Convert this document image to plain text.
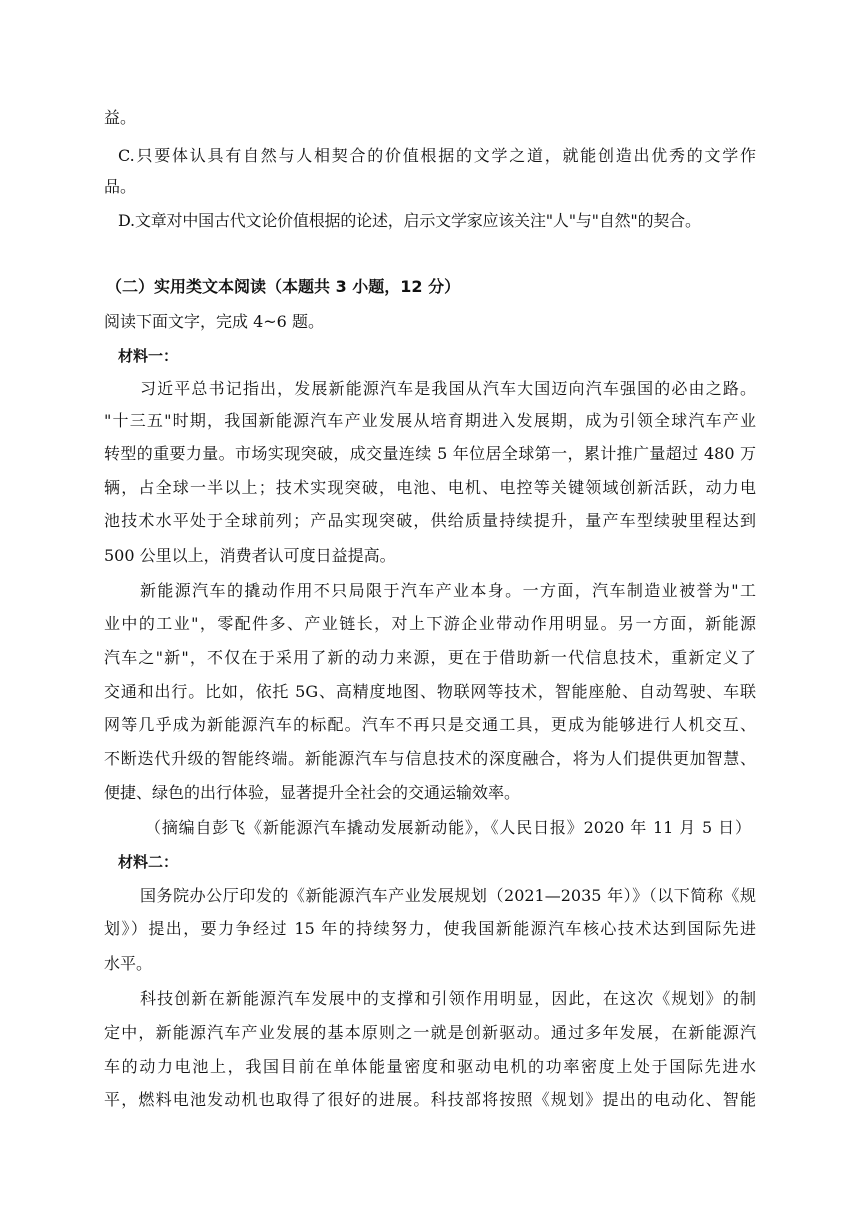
益。
C.只要体认具有自然与人相契合的价值根据的文学之道，就能创造出优秀的文学作
品。
D.文章对中国古代文论价值根据的论述，启示文学家应该关注"人"与"自然"的契合。
（二）实用类文本阅读（本题共 3 小题，12 分）
阅读下面文字，完成 4~6 题。
材料一：
习近平总书记指出，发展新能源汽车是我国从汽车大国迈向汽车强国的必由之路。
"十三五"时期，我国新能源汽车产业发展从培育期进入发展期，成为引领全球汽车产业
转型的重要力量。市场实现突破，成交量连续 5 年位居全球第一，累计推广量超过 480 万
辆，占全球一半以上；技术实现突破，电池、电机、电控等关键领域创新活跃，动力电
池技术水平处于全球前列；产品实现突破，供给质量持续提升，量产车型续驶里程达到
500 公里以上，消费者认可度日益提高。
新能源汽车的撬动作用不只局限于汽车产业本身。一方面，汽车制造业被誉为"工
业中的工业"，零配件多、产业链长，对上下游企业带动作用明显。另一方面，新能源
汽车之"新"，不仅在于采用了新的动力来源，更在于借助新一代信息技术，重新定义了
交通和出行。比如，依托 5G、高精度地图、物联网等技术，智能座舱、自动驾驶、车联
网等几乎成为新能源汽车的标配。汽车不再只是交通工具，更成为能够进行人机交互、
不断迭代升级的智能终端。新能源汽车与信息技术的深度融合，将为人们提供更加智慧、
便捷、绿色的出行体验，显著提升全社会的交通运输效率。
（摘编自彭飞《新能源汽车撬动发展新动能》，《人民日报》2020 年 11 月 5 日）
材料二：
国务院办公厅印发的《新能源汽车产业发展规划（2021—2035 年）》（以下简称《规
划》）提出，要力争经过 15 年的持续努力，使我国新能源汽车核心技术达到国际先进
水平。
科技创新在新能源汽车发展中的支撑和引领作用明显，因此，在这次《规划》的制
定中，新能源汽车产业发展的基本原则之一就是创新驱动。通过多年发展，在新能源汽
车的动力电池上，我国目前在单体能量密度和驱动电机的功率密度上处于国际先进水
平，燃料电池发动机也取得了很好的进展。科技部将按照《规划》提出的电动化、智能
